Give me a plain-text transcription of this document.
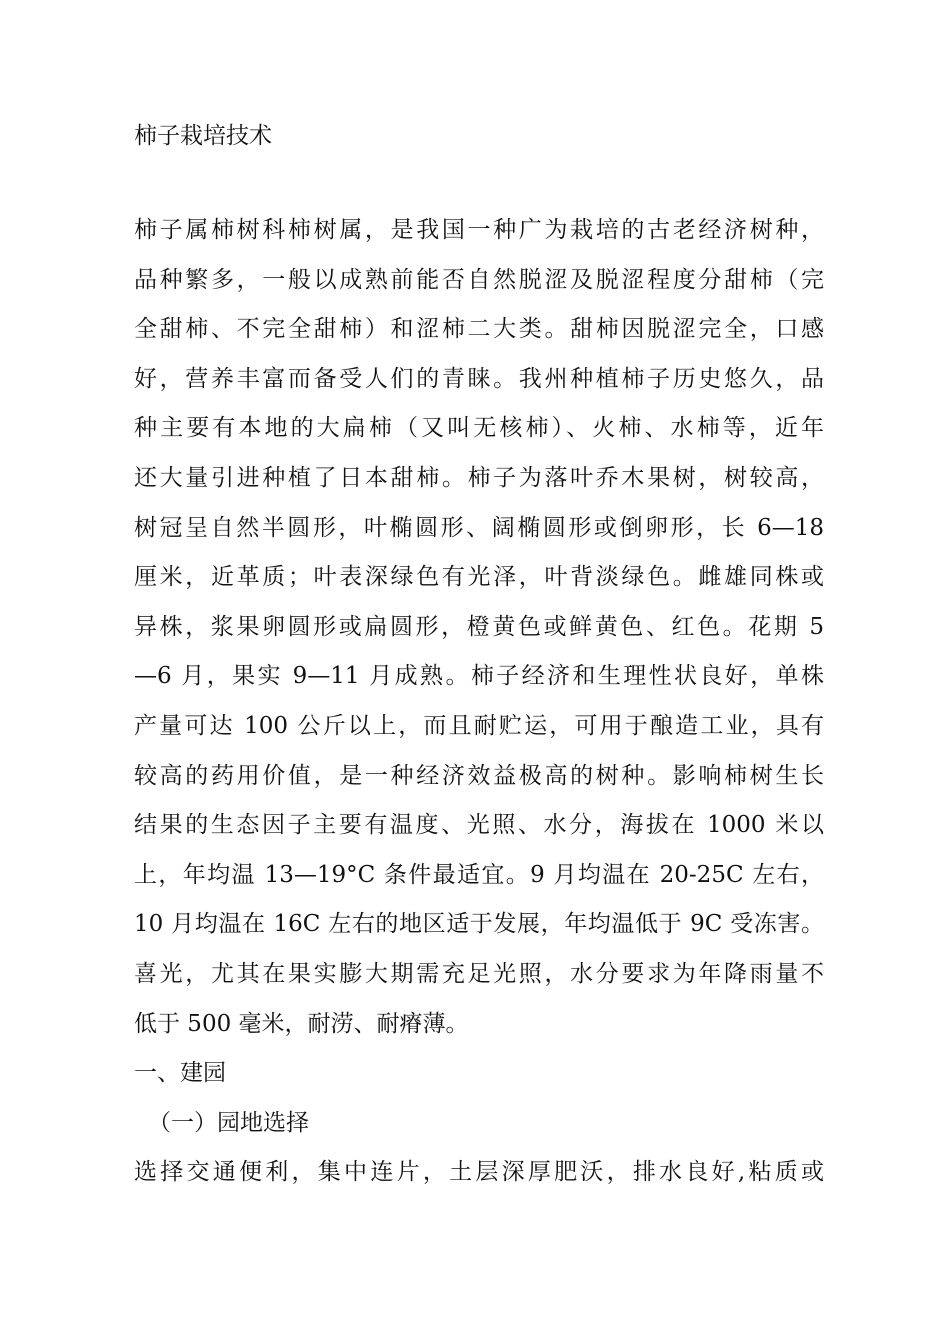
柿子栽培技术
柿子属柿树科柿树属，是我国一种广为栽培的古老经济树种，
品种繁多，一般以成熟前能否自然脱涩及脱涩程度分甜柿（完
全甜柿、不完全甜柿）和涩柿二大类。甜柿因脱涩完全，口感
好，营养丰富而备受人们的青睐。我州种植柿子历史悠久，品
种主要有本地的大扁柿（又叫无核柿）、火柿、水柿等，近年
还大量引进种植了日本甜柿。柿子为落叶乔木果树，树较高，
树冠呈自然半圆形，叶椭圆形、阔椭圆形或倒卵形，长 6—18
厘米，近革质；叶表深绿色有光泽，叶背淡绿色。雌雄同株或
异株，浆果卵圆形或扁圆形，橙黄色或鲜黄色、红色。花期 5
—6 月，果实 9—11 月成熟。柿子经济和生理性状良好，单株
产量可达 100 公斤以上，而且耐贮运，可用于酿造工业，具有
较高的药用价值，是一种经济效益极高的树种。影响柿树生长
结果的生态因子主要有温度、光照、水分，海拔在 1000 米以
上，年均温 13—19°C 条件最适宜。9 月均温在 20-25C 左右，
10 月均温在 16C 左右的地区适于发展，年均温低于 9C 受冻害。
喜光，尤其在果实膨大期需充足光照，水分要求为年降雨量不
低于 500 毫米，耐涝、耐瘠薄。
一、建园
（一）园地选择
选择交通便利，集中连片，土层深厚肥沃，排水良好,粘质或
